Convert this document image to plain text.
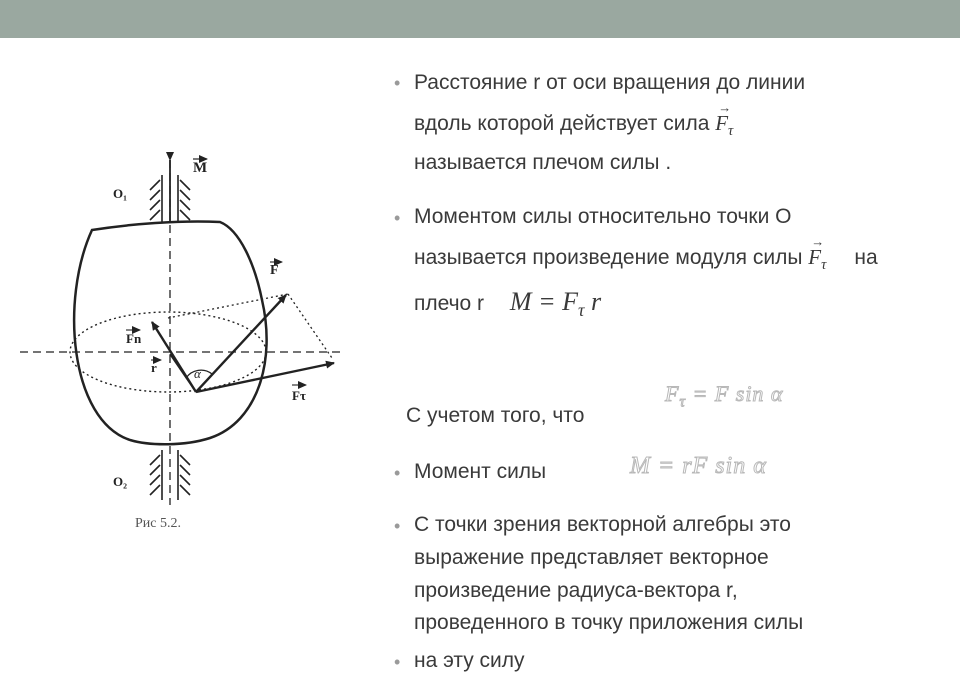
M
O₁
O₂
F
Fn
r	α
Fτ
Рис 5.2.
• Расстояние r от оси вращения до линии
вдоль которой действует сила
→
$F_\tau$
называется плечом силы .
• Моментом силы относительно точки О
называется произведение модуля силы
→
$F_\tau$ на
плечо r $M = F_\tau$ r
С учетом того, что
$F_\tau = F$ sin α
• Момент силы	M = rF sin α
• С точки зрения векторной алгебры это
выражение представляет векторное
произведение радиуса-вектора r,
проведенного в точку приложения силы
• на эту силу
